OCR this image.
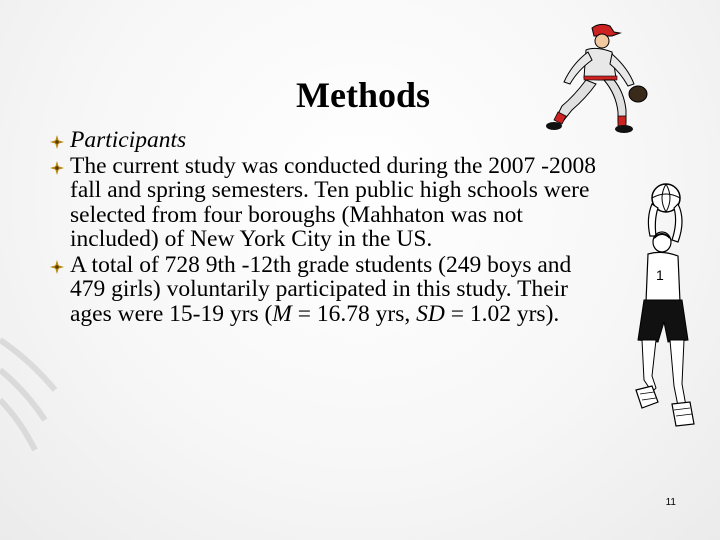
Methods

Participants

The current study was conducted during the 2007 -2008 fall and spring semesters. Ten public high schools were selected from four boroughs (Mahhaton was not included) of New York City in the US.

A total of 728 9th -12th grade students (249 boys and 479 girls) voluntarily participated in this study. Their ages were 15-19 yrs (M = 16.78 yrs, SD = 1.02 yrs).

1
11
